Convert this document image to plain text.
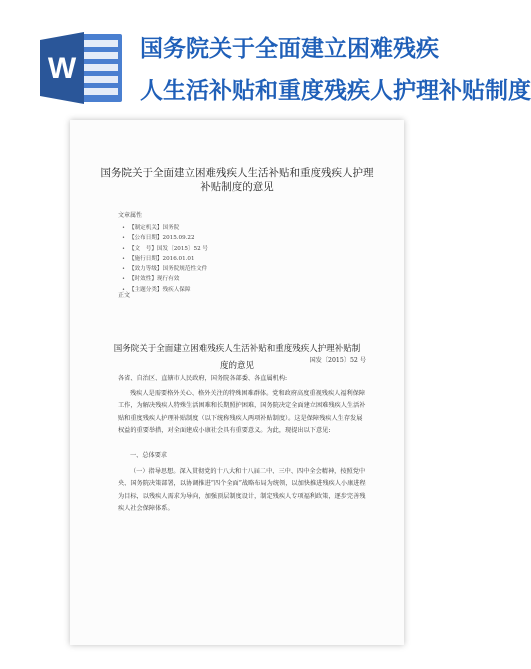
W
国务院关于全面建立困难残疾
人生活补贴和重度残疾人护理补贴制度
国务院关于全面建立困难残疾人生活补贴和重度残疾人护理补贴制度的意见
文章属性
• 【制定机关】国务院
• 【公布日期】2015.09.22
• 【文　号】国发〔2015〕52 号
• 【施行日期】2016.01.01
• 【效力等级】国务院规范性文件
• 【时效性】现行有效
• 【主题分类】残疾人保障
正文
国务院关于全面建立困难残疾人生活补贴和重度残疾人护理补贴制度的意见
国发〔2015〕52 号
各省、自治区、直辖市人民政府，国务院各部委、各直属机构:

残疾人是需要格外关心、格外关注的特殊困难群体。党和政府高度重视残疾人福利保障工作，为解决残疾人特殊生活困难和长期照护困难，国务院决定全面建立困难残疾人生活补贴和重度残疾人护理补贴制度（以下统称残疾人两项补贴制度）。这是保障残疾人生存发展权益的重要举措，对全面建成小康社会具有重要意义。为此，现提出以下意见:

一、总体要求

（一）指导思想。深入贯彻党的十八大和十八届二中、三中、四中全会精神，按照党中央、国务院决策部署，以协调推进“四个全面”战略布局为统领，以加快推进残疾人小康进程为目标，以残疾人需求为导向，加强顶层制度设计，制定残疾人专项福利政策，逐步完善残疾人社会保障体系。
